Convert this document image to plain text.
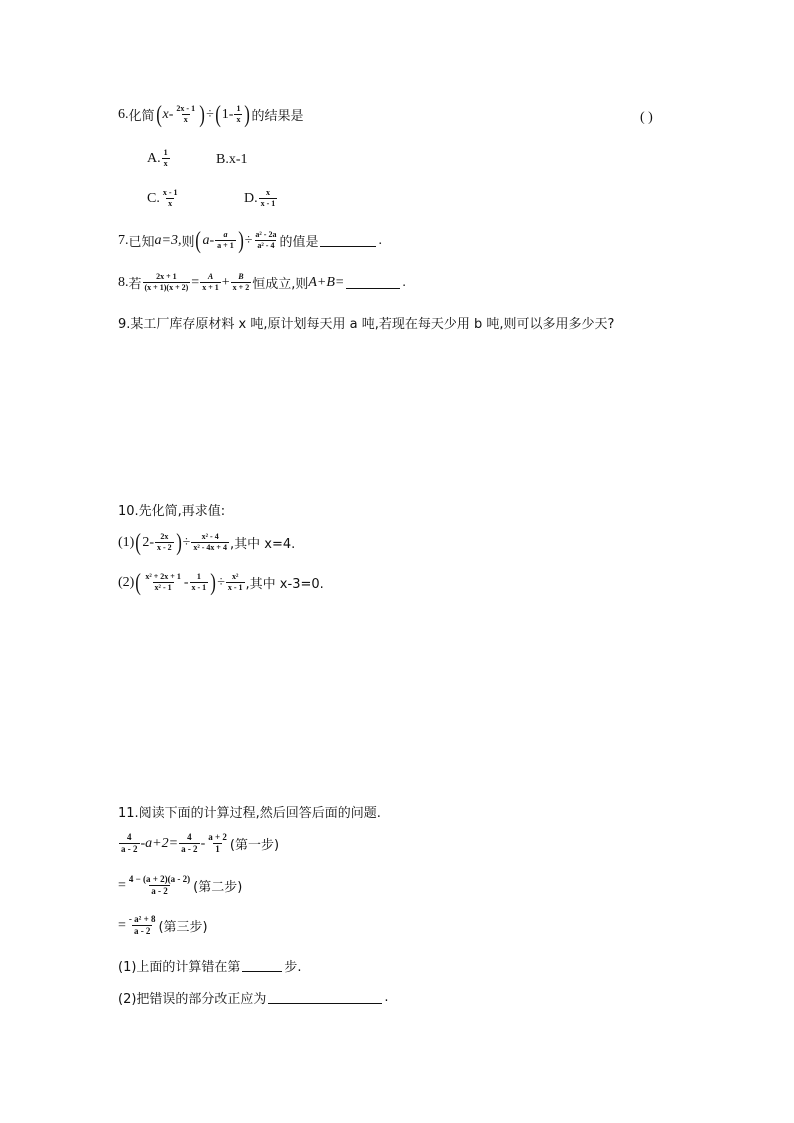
6. 化简 ( x - $\frac{2x - 1}{x}$ ) ÷ ( $1- \frac{1}{x}$ ) 的结果是	( )
A. $\frac{1}{x}$	B. x-1
C. $\frac{x - 1}{x}$	D. $\frac{x}{x - 1}$
7. 已知 a=3, 则 ( $a- \frac{a}{a + 1}$ ) ÷ $\frac{\text{a² - 2a}}{\text{a² - 4}}$ 的值是	.
8. 若 $\frac{2x + 1}{(x + 1)(x + 2)} = \frac{A}{x + 1} + \frac{B}{x + 2}$ 恒成立,则 A+B=	.
9.某工厂库存原材料 x 吨,原计划每天用 a 吨,若现在每天少用 b 吨,则可以多用多少天?
10.先化简,再求值:
(1) ( $2- \frac{2x}{x - 2}$ ) ÷ $\frac{\text{x² - 4}}{\text{x² - 4x + 4}}$ ,其中 x=4.
(2) ( $\frac{\text{x² + 2x + 1}}{\text{x² - 1}} - \frac{1}{x - 1}$ ) ÷ $\frac{\text{x²}}{x - 1}$ ,其中 x-3=0.
11.阅读下面的计算过程,然后回答后面的问题.
$\frac{4}{a - 2} -a+2= \frac{4}{a - 2} - \frac{a + 2}{1}$ (第一步)
= $\frac{4 - (a + 2)(a - 2)}{a - 2}$ (第二步)
= $\frac{\text{- a² + 8}}{a - 2}$ (第三步)
(1)上面的计算错在第	步.
(2)把错误的部分改正应为	.
